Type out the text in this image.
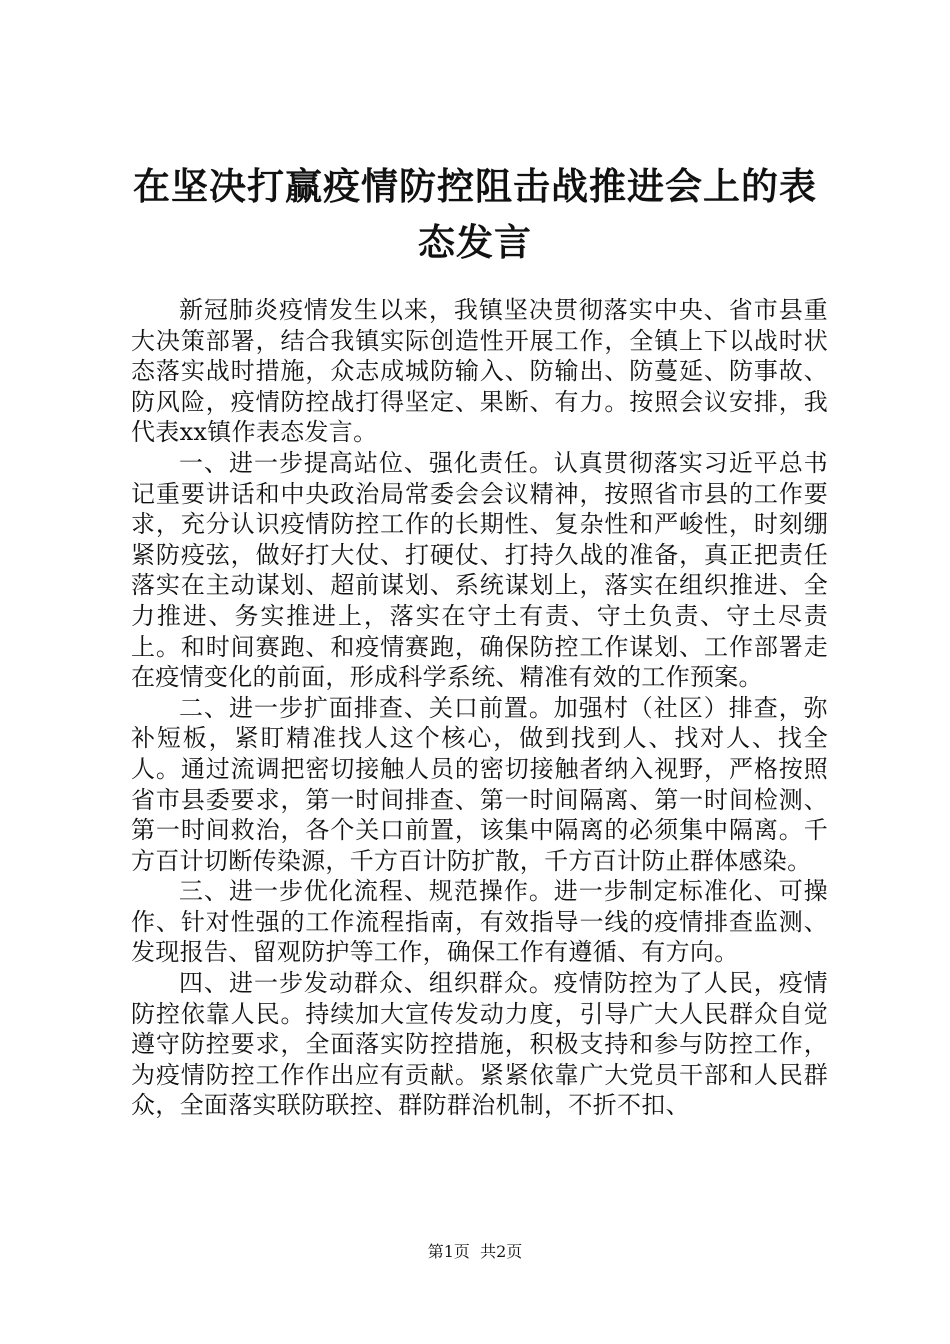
在坚决打赢疫情防控阻击战推进会上的表态发言

新冠肺炎疫情发生以来，我镇坚决贯彻落实中央、省市县重大决策部署，结合我镇实际创造性开展工作，全镇上下以战时状态落实战时措施，众志成城防输入、防输出、防蔓延、防事故、防风险，疫情防控战打得坚定、果断、有力。按照会议安排，我代表xx镇作表态发言。

一、进一步提高站位、强化责任。认真贯彻落实习近平总书记重要讲话和中央政治局常委会会议精神，按照省市县的工作要求，充分认识疫情防控工作的长期性、复杂性和严峻性，时刻绷紧防疫弦，做好打大仗、打硬仗、打持久战的准备，真正把责任落实在主动谋划、超前谋划、系统谋划上，落实在组织推进、全力推进、务实推进上，落实在守土有责、守土负责、守土尽责上。和时间赛跑、和疫情赛跑，确保防控工作谋划、工作部署走在疫情变化的前面，形成科学系统、精准有效的工作预案。

二、进一步扩面排查、关口前置。加强村（社区）排查，弥补短板，紧盯精准找人这个核心，做到找到人、找对人、找全人。通过流调把密切接触人员的密切接触者纳入视野，严格按照省市县委要求，第一时间排查、第一时间隔离、第一时间检测、第一时间救治，各个关口前置，该集中隔离的必须集中隔离。千方百计切断传染源，千方百计防扩散，千方百计防止群体感染。

三、进一步优化流程、规范操作。进一步制定标准化、可操作、针对性强的工作流程指南，有效指导一线的疫情排查监测、发现报告、留观防护等工作，确保工作有遵循、有方向。

四、进一步发动群众、组织群众。疫情防控为了人民，疫情防控依靠人民。持续加大宣传发动力度，引导广大人民群众自觉遵守防控要求，全面落实防控措施，积极支持和参与防控工作，为疫情防控工作作出应有贡献。紧紧依靠广大党员干部和人民群众，全面落实联防联控、群防群治机制，不折不扣、

第1页 共2页
